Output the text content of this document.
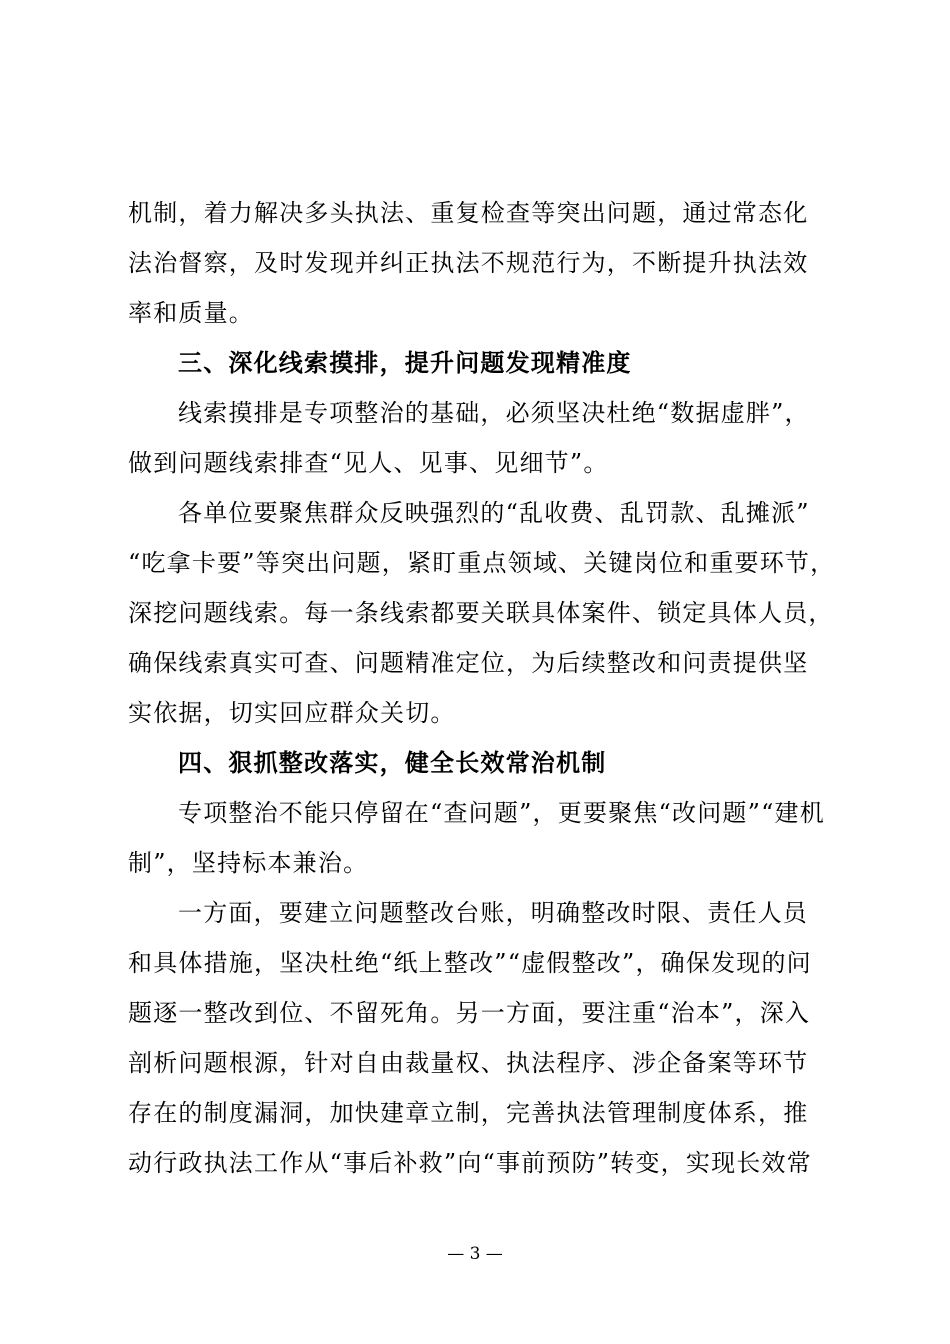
机制，着力解决多头执法、重复检查等突出问题，通过常态化
法治督察，及时发现并纠正执法不规范行为，不断提升执法效
率和质量。
三、深化线索摸排，提升问题发现精准度
线索摸排是专项整治的基础，必须坚决杜绝“数据虚胖”，
做到问题线索排查“见人、见事、见细节”。
各单位要聚焦群众反映强烈的“乱收费、乱罚款、乱摊派”
“吃拿卡要”等突出问题，紧盯重点领域、关键岗位和重要环节，
深挖问题线索。每一条线索都要关联具体案件、锁定具体人员，
确保线索真实可查、问题精准定位，为后续整改和问责提供坚
实依据，切实回应群众关切。
四、狠抓整改落实，健全长效常治机制
专项整治不能只停留在“查问题”，更要聚焦“改问题”“建机
制”，坚持标本兼治。
一方面，要建立问题整改台账，明确整改时限、责任人员
和具体措施，坚决杜绝“纸上整改”“虚假整改”，确保发现的问
题逐一整改到位、不留死角。另一方面，要注重“治本”，深入
剖析问题根源，针对自由裁量权、执法程序、涉企备案等环节
存在的制度漏洞，加快建章立制，完善执法管理制度体系，推
动行政执法工作从“事后补救”向“事前预防”转变，实现长效常
— 3 —
